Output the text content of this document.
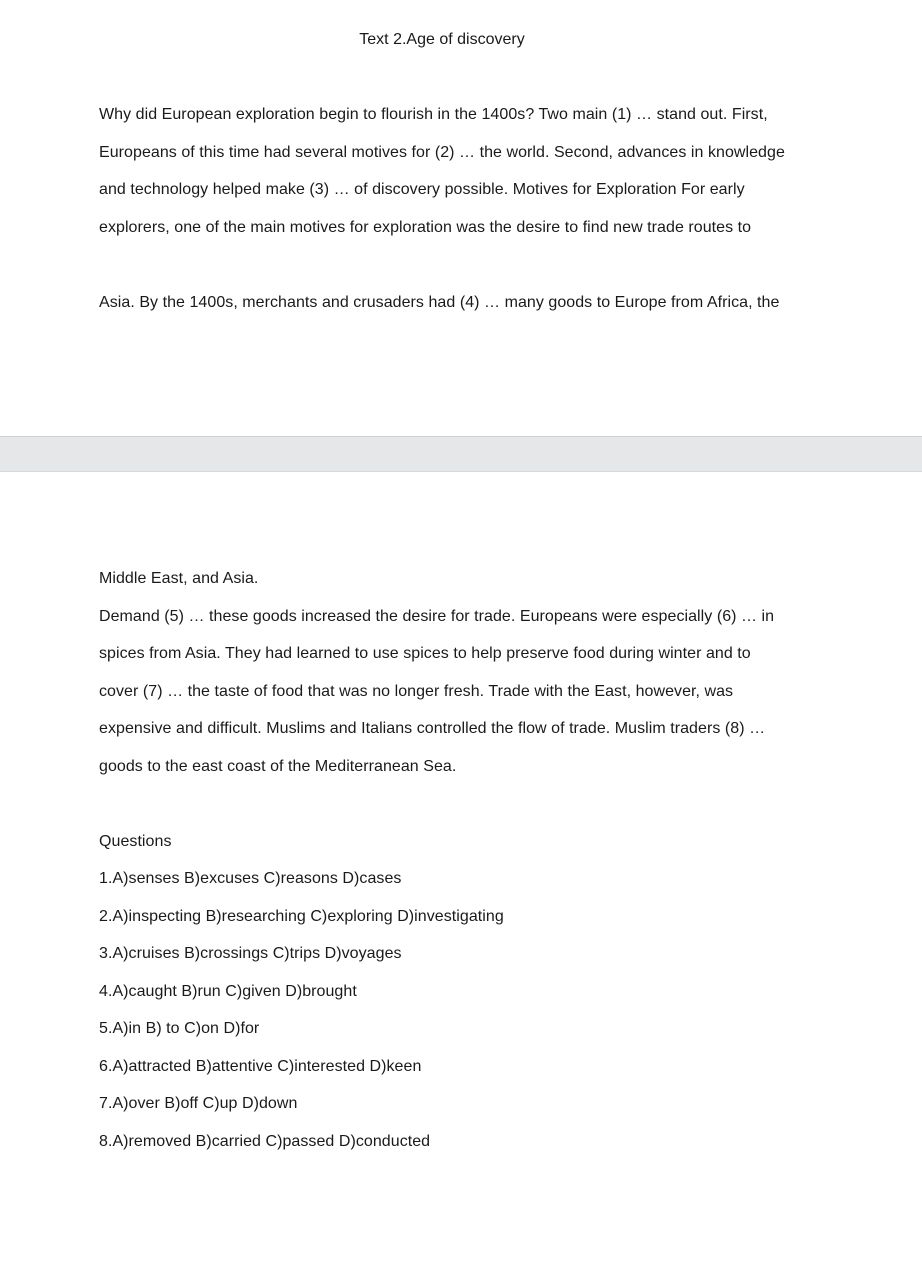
Text 2.Age of discovery
Why did European exploration begin to flourish in the 1400s? Two main (1) … stand out. First,
Europeans of this time had several motives for (2) … the world. Second, advances in knowledge
and technology helped make (3) … of discovery possible. Motives for Exploration For early
explorers, one of the main motives for exploration was the desire to find new trade routes to
Asia. By the 1400s, merchants and crusaders had (4) … many goods to Europe from Africa, the
Middle East, and Asia.
Demand (5) … these goods increased the desire for trade. Europeans were especially (6) … in
spices from Asia. They had learned to use spices to help preserve food during winter and to
cover (7) … the taste of food that was no longer fresh. Trade with the East, however, was
expensive and difficult. Muslims and Italians controlled the flow of trade. Muslim traders (8) …
goods to the east coast of the Mediterranean Sea.
Questions
1.A)senses B)excuses C)reasons D)cases
2.A)inspecting B)researching C)exploring D)investigating
3.A)cruises B)crossings C)trips D)voyages
4.A)caught B)run C)given D)brought
5.A)in B) to C)on D)for
6.A)attracted B)attentive C)interested D)keen
7.A)over B)off C)up D)down
8.A)removed B)carried C)passed D)conducted
